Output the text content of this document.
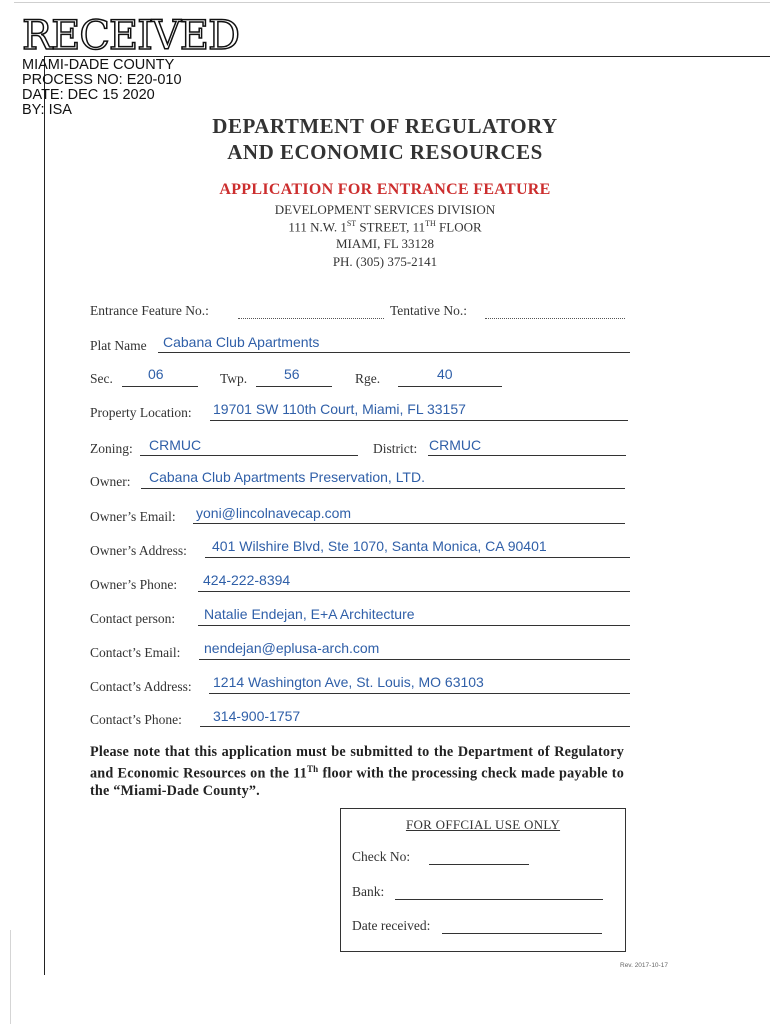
RECEIVED
MIAMI-DADE COUNTY
PROCESS NO: E20-010
DATE: DEC 15 2020
BY: ISA
DEPARTMENT OF REGULATORY
AND ECONOMIC RESOURCES
APPLICATION FOR ENTRANCE FEATURE
DEVELOPMENT SERVICES DIVISION
111 N.W. 1ST STREET, 11TH FLOOR
MIAMI, FL 33128
PH. (305) 375-2141
Entrance Feature No.:	Tentative No.:
Plat Name Cabana Club Apartments
Sec.	06	Twp.	56	Rge.	40
Property Location: 19701 SW 110th Court, Miami, FL 33157
Zoning: CRMUC	District: CRMUC
Owner: Cabana Club Apartments Preservation, LTD.
Owner’s Email: yoni@lincolnavecap.com
Owner’s Address: 401 Wilshire Blvd, Ste 1070, Santa Monica, CA 90401
Owner’s Phone: 424-222-8394
Contact person: Natalie Endejan, E+A Architecture
Contact’s Email: nendejan@eplusa-arch.com
Contact’s Address: 1214 Washington Ave, St. Louis, MO 63103
Contact’s Phone: 314-900-1757
Please note that this application must be submitted to the Department of Regulatory and Economic Resources on the 11Th floor with the processing check made payable to the “Miami-Dade County”.
FOR OFFCIAL USE ONLY
Check No:
Bank:
Date received:
Rev. 2017-10-17
